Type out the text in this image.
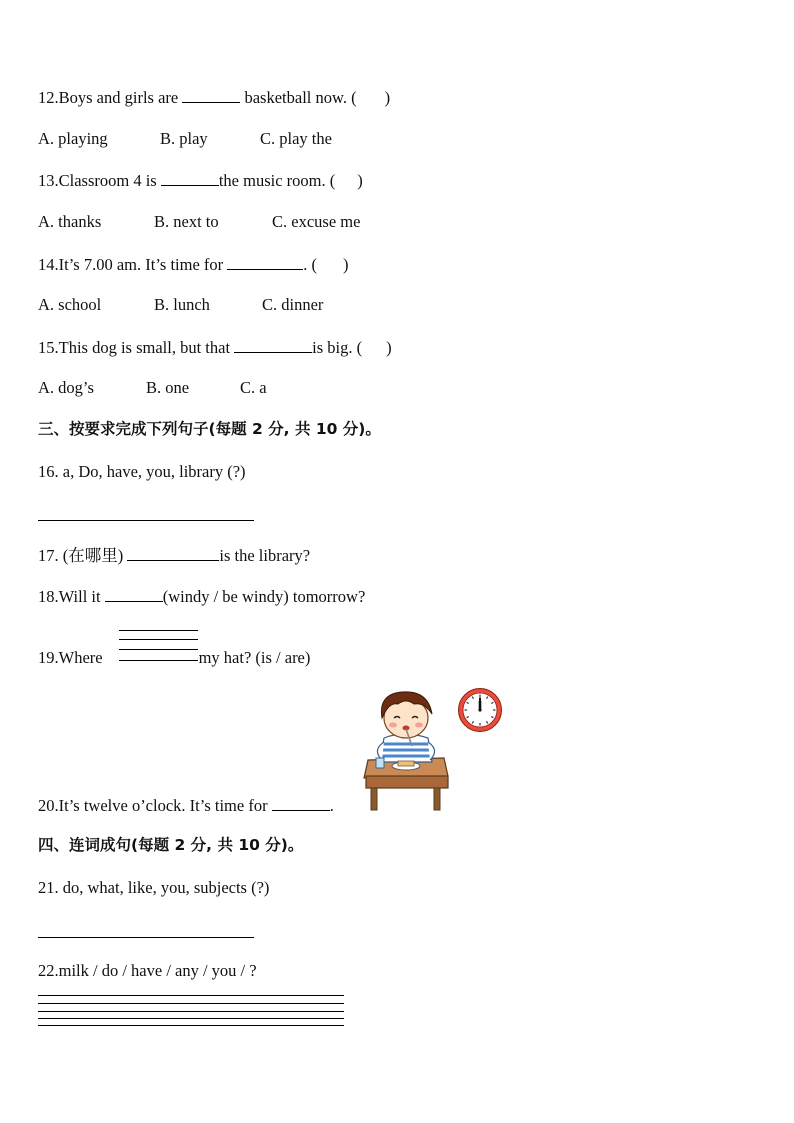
12.Boys and girls are	basketball now. ( )
A. playing	B. play	C. play the
13.Classroom 4 is	the music room. ( )
A. thanks	B. next to	C. excuse me
14.It’s 7.00 am. It’s time for	. ( )
A. school	B. lunch	C. dinner
15.This dog is small, but that	is big. ( )
A. dog’s	B. one	C. a
三、按要求完成下列句子(每题 2 分, 共 10 分)。
16. a, Do, have, you, library (?)
17. (在哪里)	is the library?
18.Will it	(windy / be windy) tomorrow?
19.Where	my hat? (is / are)
20.It’s twelve o’clock. It’s time for	.
四、连词成句(每题 2 分, 共 10 分)。
21. do, what, like, you, subjects (?)
22.milk / do / have / any / you / ?
